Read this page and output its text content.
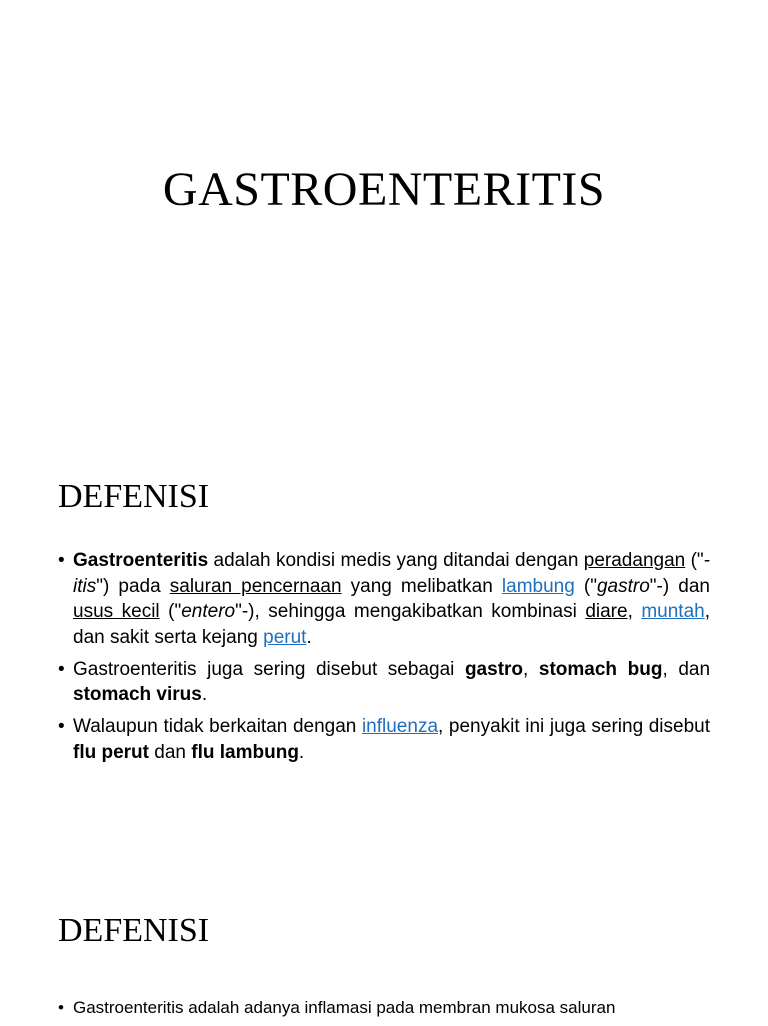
GASTROENTERITIS
DEFENISI
• Gastroenteritis adalah kondisi medis yang ditandai dengan peradangan ("-itis") pada saluran pencernaan yang melibatkan lambung ("gastro"-) dan usus kecil ("entero"-), sehingga mengakibatkan kombinasi diare, muntah, dan sakit serta kejang perut.
• Gastroenteritis juga sering disebut sebagai gastro, stomach bug, dan stomach virus.
• Walaupun tidak berkaitan dengan influenza, penyakit ini juga sering disebut flu perut dan flu lambung.
DEFENISI
• Gastroenteritis adalah adanya inflamasi pada membran mukosa saluran
